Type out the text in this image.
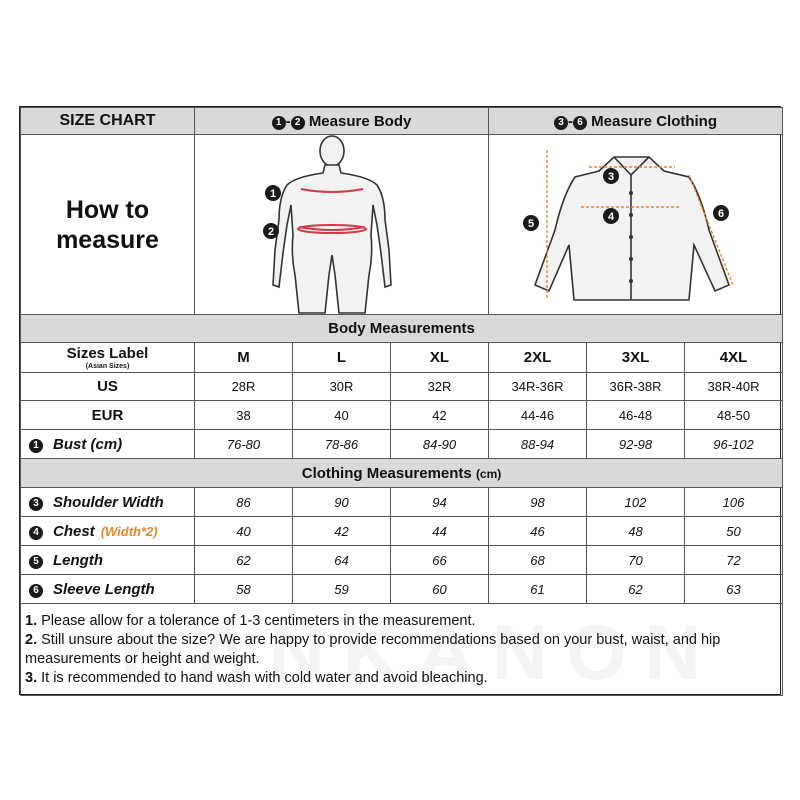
SIZE CHART	1 - 2 Measure Body			3 - 6 Measure Clothing		

How to
measure	1
2			3
4
5
6		

Body Measurements						
Sizes Label
(Asian Sizes)	M	L	XL	2XL	3XL	4XL
US	28R	30R	32R	34R-36R	36R-38R	38R-40R
EUR	38	40	42	44-46	46-48	48-50
1 Bust (cm)	76-80	78-86	84-90	88-94	92-98	96-102
Clothing Measurements (cm)						
3 Shoulder Width	86	90	94	98	102	106
4 Chest (Width*2)	40	42	44	46	48	50
5 Length	62	64	66	68	70	72
6 Sleeve Length	58	59	60	61	62	63

1. Please allow for a tolerance of 1-3 centimeters in the measurement.
2. Still unsure about the size? We are happy to provide recommendations based on your bust, waist, and hip measurements or height and weight.
3. It is recommended to hand wash with cold water and avoid bleaching.						
